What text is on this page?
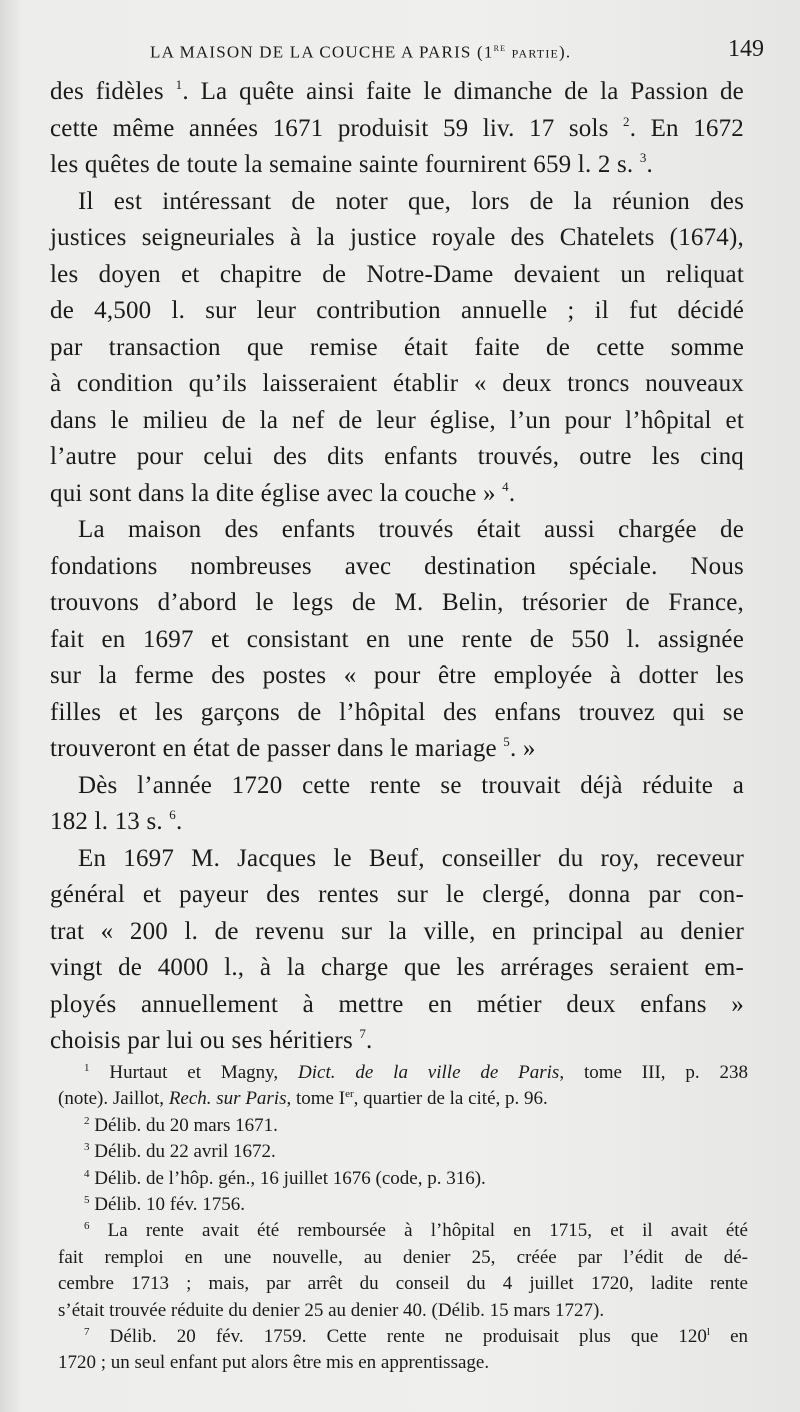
LA MAISON DE LA COUCHE A PARIS (1re partie).	149
des fidèles $^1$. La quête ainsi faite le dimanche de la Passion de
cette même années 1671 produisit 59 liv. 17 sols $^2$. En 1672
les quêtes de toute la semaine sainte fournirent 659 l. 2 s. $^3$.
Il est intéressant de noter que, lors de la réunion des
justices seigneuriales à la justice royale des Chatelets (1674),
les doyen et chapitre de Notre-Dame devaient un reliquat
de 4,500 l. sur leur contribution annuelle ; il fut décidé
par transaction que remise était faite de cette somme
à condition qu’ils laisseraient établir « deux troncs nouveaux
dans le milieu de la nef de leur église, l’un pour l’hôpital et
l’autre pour celui des dits enfants trouvés, outre les cinq
qui sont dans la dite église avec la couche » $^4$.
La maison des enfants trouvés était aussi chargée de
fondations nombreuses avec destination spéciale. Nous
trouvons d’abord le legs de M. Belin, trésorier de France,
fait en 1697 et consistant en une rente de 550 l. assignée
sur la ferme des postes « pour être employée à dotter les
filles et les garçons de l’hôpital des enfans trouvez qui se
trouveront en état de passer dans le mariage $^5$. »
Dès l’année 1720 cette rente se trouvait déjà réduite a
182 l. 13 s. $^6$.
En 1697 M. Jacques le Beuf, conseiller du roy, receveur
général et payeur des rentes sur le clergé, donna par con-
trat « 200 l. de revenu sur la ville, en principal au denier
vingt de 4000 l., à la charge que les arrérages seraient em-
ployés annuellement à mettre en métier deux enfans »
choisis par lui ou ses héritiers $^7$.
$^1$ Hurtaut et Magny, Dict. de la ville de Paris, tome III, p. 238
(note). Jaillot, Rech. sur Paris, tome Ier, quartier de la cité, p. 96.
$^2$ Délib. du 20 mars 1671.
$^3$ Délib. du 22 avril 1672.
$^4$ Délib. de l’hôp. gén., 16 juillet 1676 (code, p. 316).
$^5$ Délib. 10 fév. 1756.
$^6$ La rente avait été remboursée à l’hôpital en 1715, et il avait été
fait remploi en une nouvelle, au denier 25, créée par l’édit de dé-
cembre 1713 ; mais, par arrêt du conseil du 4 juillet 1720, ladite rente
s’était trouvée réduite du denier 25 au denier 40. (Délib. 15 mars 1727).
$^7$ Délib. 20 fév. 1759. Cette rente ne produisait plus que 120$^l$ en
1720 ; un seul enfant put alors être mis en apprentissage.
